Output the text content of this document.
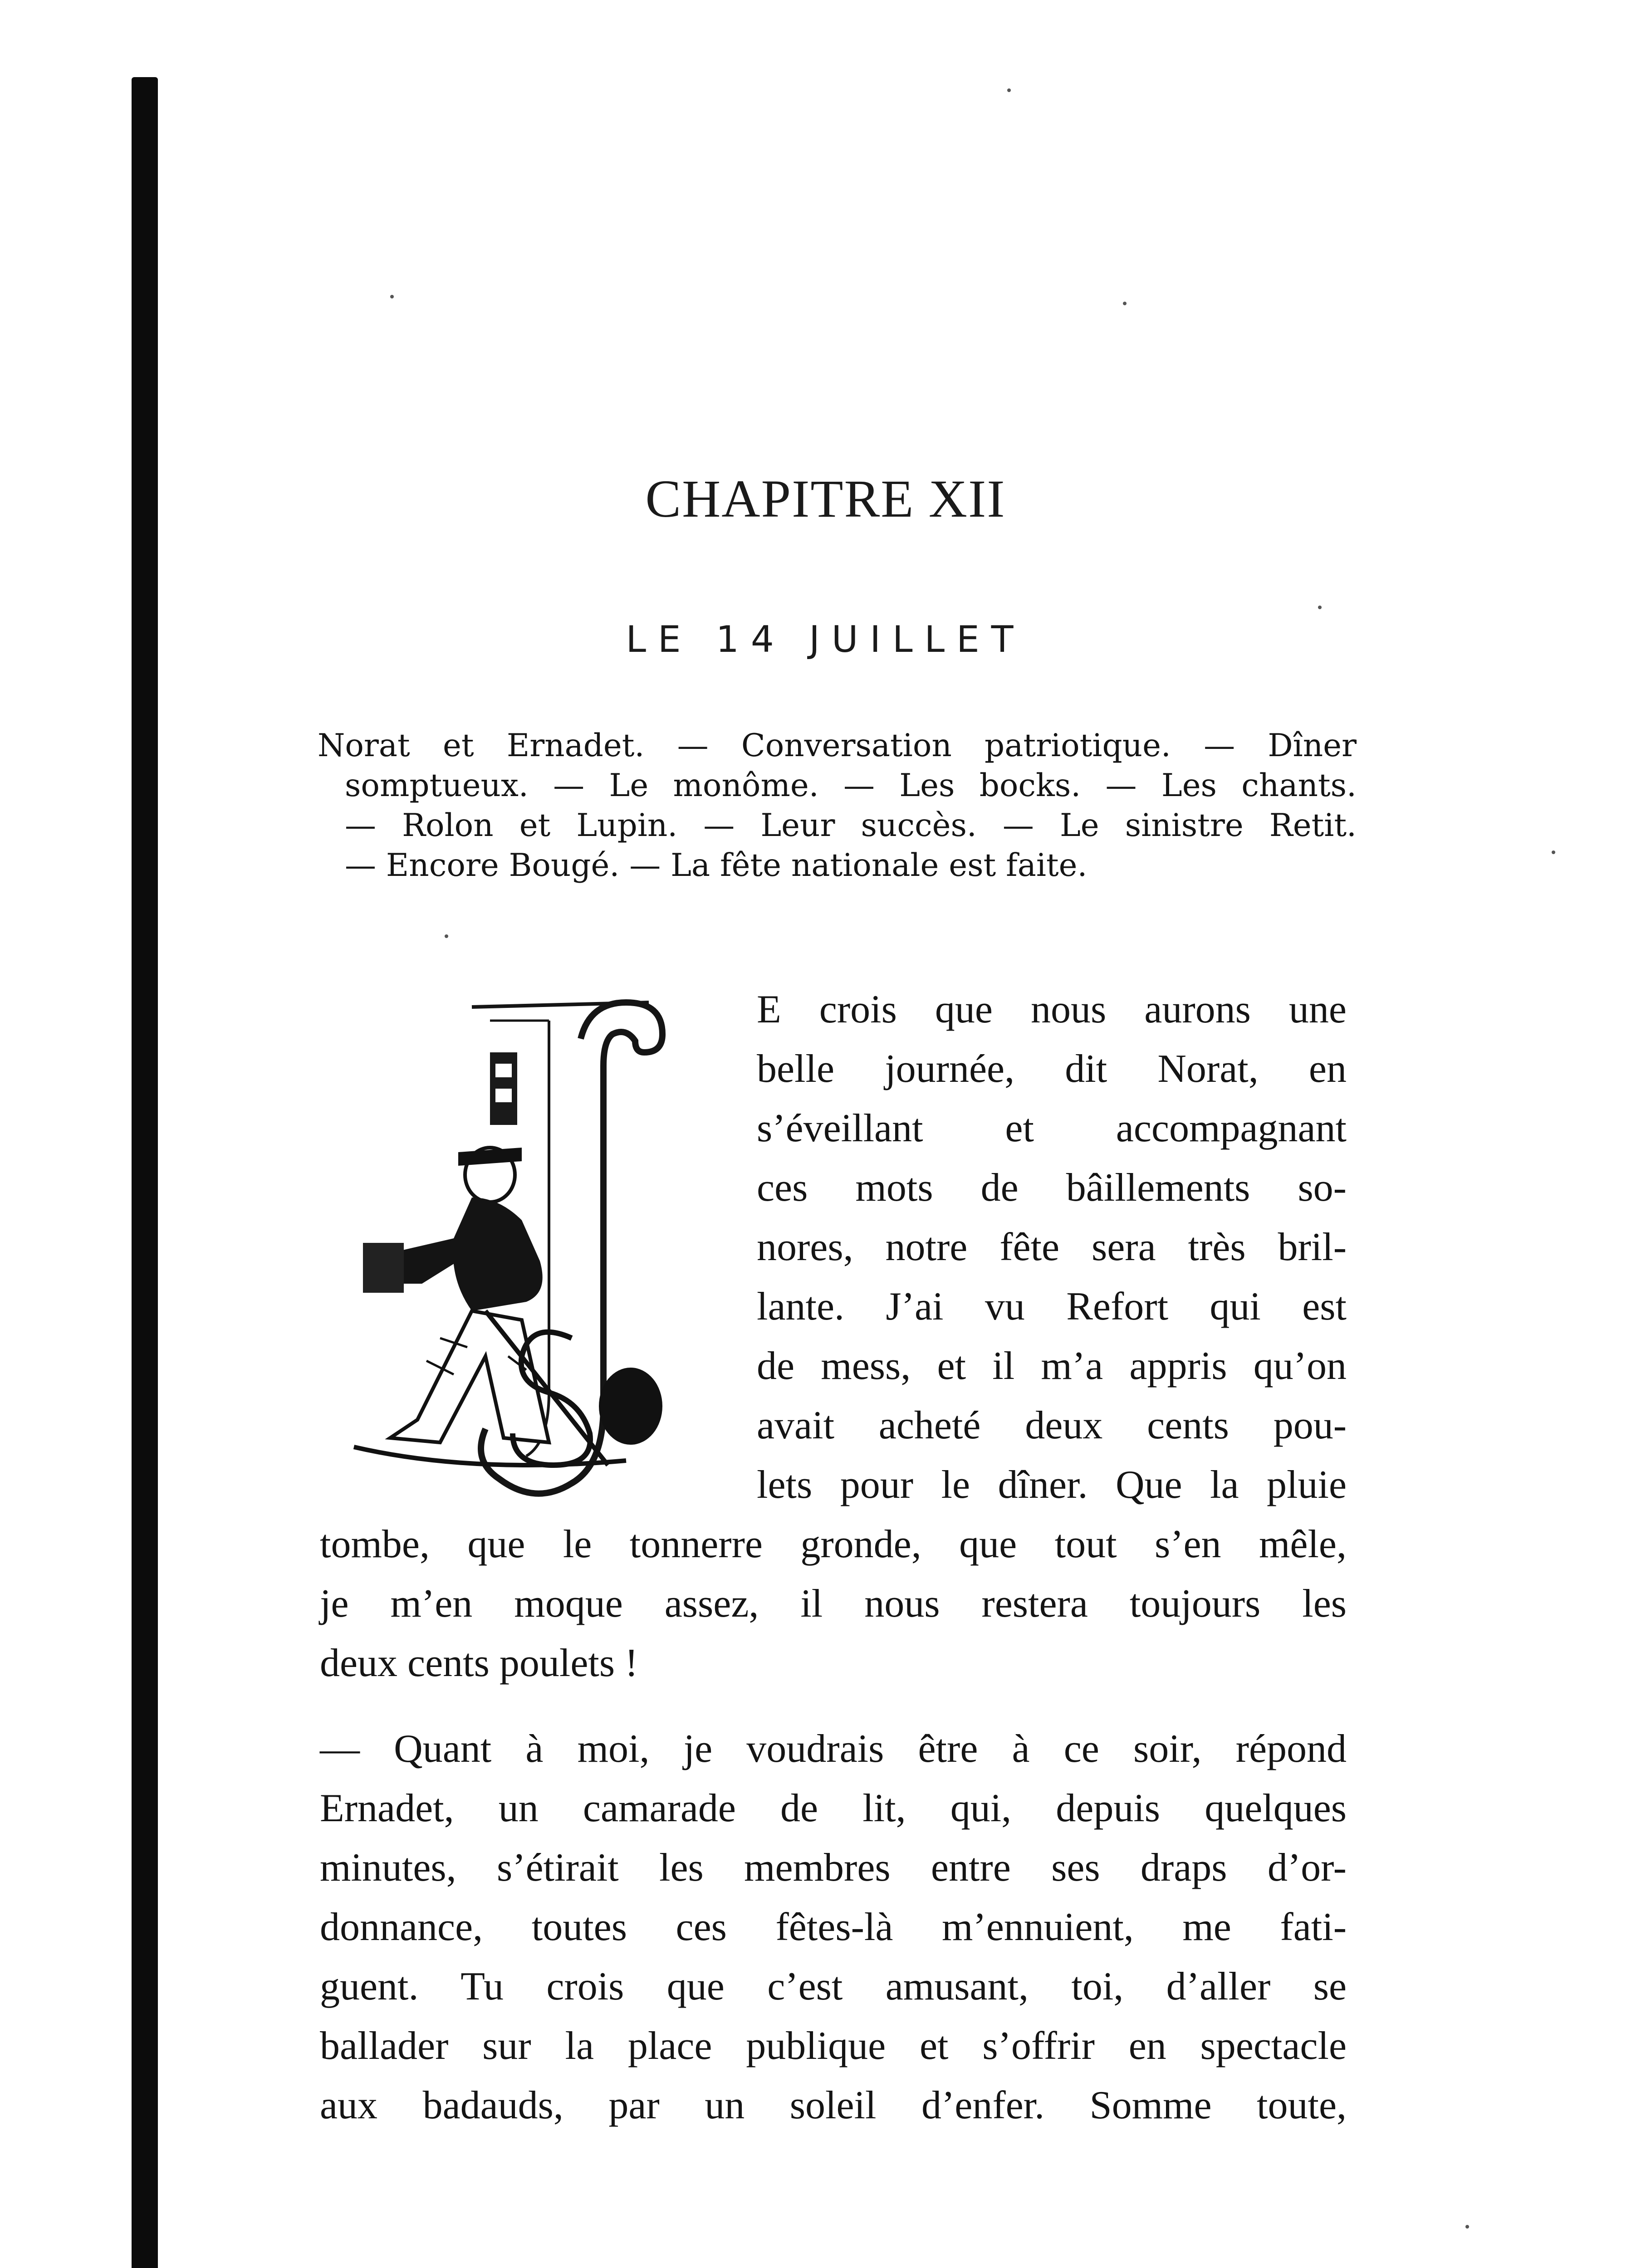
CHAPITRE XII
LE 14 JUILLET
Norat et Ernadet. — Conversation patriotique. — Dîner
somptueux. — Le monôme. — Les bocks. — Les chants.
— Rolon et Lupin. — Leur succès. — Le sinistre Retit.
— Encore Bougé. — La fête nationale est faite.
E crois que nous aurons une
belle journée, dit Norat, en
s’éveillant et accompagnant
ces mots de bâillements so-
nores, notre fête sera très bril-
lante. J’ai vu Refort qui est
de mess, et il m’a appris qu’on
avait acheté deux cents pou-
lets pour le dîner. Que la pluie
tombe, que le tonnerre gronde, que tout s’en mêle,
je m’en moque assez, il nous restera toujours les
deux cents poulets !
— Quant à moi, je voudrais être à ce soir, répond
Ernadet, un camarade de lit, qui, depuis quelques
minutes, s’étirait les membres entre ses draps d’or-
donnance, toutes ces fêtes-là m’ennuient, me fati-
guent. Tu crois que c’est amusant, toi, d’aller se
ballader sur la place publique et s’offrir en spectacle
aux badauds, par un soleil d’enfer. Somme toute,
